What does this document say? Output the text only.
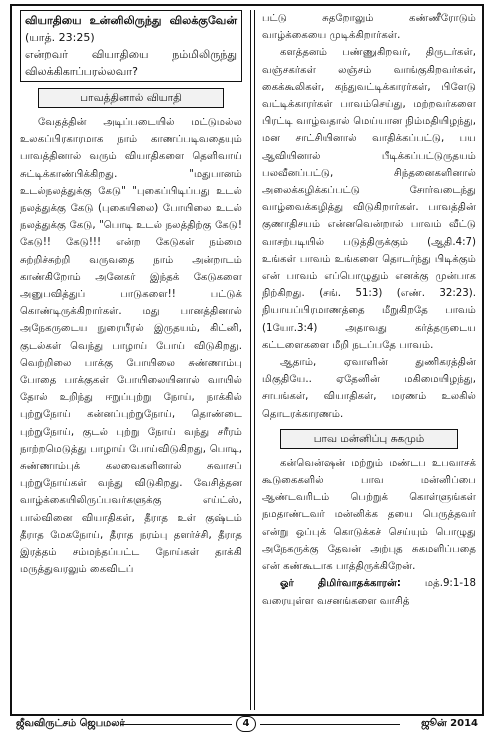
வியாதியை உன்னிலிருந்து விலக்குவேன் (யாத். 23:25)
என்றவர் வியாதியை நம்மிலிருந்து விலக்கிகாப்பரல்லவா?
பாவத்தினால் வியாதி

வேதத்தின் அடிப்படையில் மட்டுமல்ல உலகப்பிரகாரமாக நாம் காணப்படிவதையும் பாவத்தினால் வரும் வியாதிகளை தெளிவாய் சுட்டிக்காண்பிக்கிறது. "மதுபானம் உடல்நலத்துக்கு கேடு" "புகைப்பிடிப்பது உடல் நலத்துக்கு கேடு (புகையிலை) போயிலை உடல் நலத்துக்கு கேடு, "பொடி உடல் நலத்திற்கு கேடு! கேடு!! கேடு!!! என்ற கேடுகள் நம்மை சுற்றிச்சுற்றி வருவதை நாம் அன்றாடம் காண்கிறோம் அனேகர் இந்தக் கேடுகளை அனுபவித்துப் பாடுகளை!! பட்டுக் கொண்டிருக்கிறார்கள். மது பானத்தினால் அநேகருடைய நுரையீரல் இருதயம், கிட்னி, குடல்கள் வெந்து பாழாய் போய் விடுகிறது. வெற்றிலை பாக்கு போயிலை சுண்ணாம்பு போதை பாக்குகள் போயிலையினால் வாயில் தோல் உறிந்து ஈறுப்புற்று நோய், நாக்கில் புற்றுநோய் கன்னப்புற்றுநோய், தொண்டை புற்றுநோய், குடல் புற்று நோய் வந்து சரீரம் நாற்றமெடுத்து பாழாய் போய்விடுகிறது, பொடி, சுண்ணாம்புக் கலவைகளினால் சுவாசப் புற்றுநோய்கள் வந்து விடுகிறது. வேசித்தன வாழ்க்கையிலிருப்பவர்களுக்கு எய்ட்ஸ், பால்வினை வியாதிகள், தீராத உள் குஷ்டம் தீராத மேகநோய், தீராத நரம்பு தளர்ச்சி, தீராத இரத்தம் சம்மந்தப்பட்ட நோய்கள் தாக்கி மருத்துவரலும் கைவிடப்

பட்டு சுதறோலும் கண்ணீரோடும் வாழ்க்கையை முடிக்கிறார்கள்.

களத்தனம் பண்ணுகிறவர், திருடர்கள், வஞ்சகர்கள் லஞ்சம் வாங்குகிறவர்கள், கைக்கூலிகள், கந்துவட்டிக்காரர்கள், பிளேடு வட்டிக்காரர்கள் பாவம்செய்து, மற்றவர்களை பிரட்டி வாழ்வதால் மெய்யான நிம்மதியிழந்து, மன சாட்சியினால் வாதிக்கப்பட்டு, பய ஆவியினால் பீடிக்கப்பட்டுருதயம் பலவீனப்பட்டு, சிந்தனைகளினால் அலைக்கழிக்கப்பட்டு சோர்வடைந்து வாழ்வைக்கழித்து விடுகிறார்கள். பாவத்தின் குணாதிசயம் என்னவென்றால் பாவம் வீட்டு வாசற்படியில் படுத்திருக்கும் (ஆதி.4:7) உங்கள் பாவம் உங்களை தொடர்ந்து பிடிக்கும் என் பாவம் எப்பொழுதும் எனக்கு முன்பாக நிற்கிறது. (சங். 51:3) (எண். 32:23). நியாயப்பிரமாணத்தை மீறுகிறதே பாவம் (1யோ.3:4) அதாவது கர்த்தருடைய கட்டளைகளை மீறி நடப்பதே பாவம்.

ஆதாம், ஏவாளின் துணிகரத்தின் மிகுதியே.. ஏதேனின் மகிமையிழந்து, சாபங்கள், வியாதிகள், மரணம் உலகில் தொடரக்காரணம்.

பாவ மன்னிப்பு சுகமும்

கன்வென்ஷன் மற்றும் மண்டப உபவாசக் கூடுகைகளில் பாவ மன்னிப்பை ஆண்டவரிடம் பெற்றுக் கொள்ளுங்கள் நமதாண்டவர் மன்னிக்க தயை பெருத்தவர் என்று ஒப்புக் கொடுக்கச் செய்யும் பொழுது அநேகருக்கு தேவன் அற்புத சுகமளிப்பதை என் கண்கூடாக பாத்திருக்கிறேன்.

ஓர் திமிர்வாதக்காரன்: மத்.9:1-18 வரையுள்ள வசனங்களை வாசித்

ஜீவவிருட்சம் ஜெபமலர்	4	ஜூன் 2014
